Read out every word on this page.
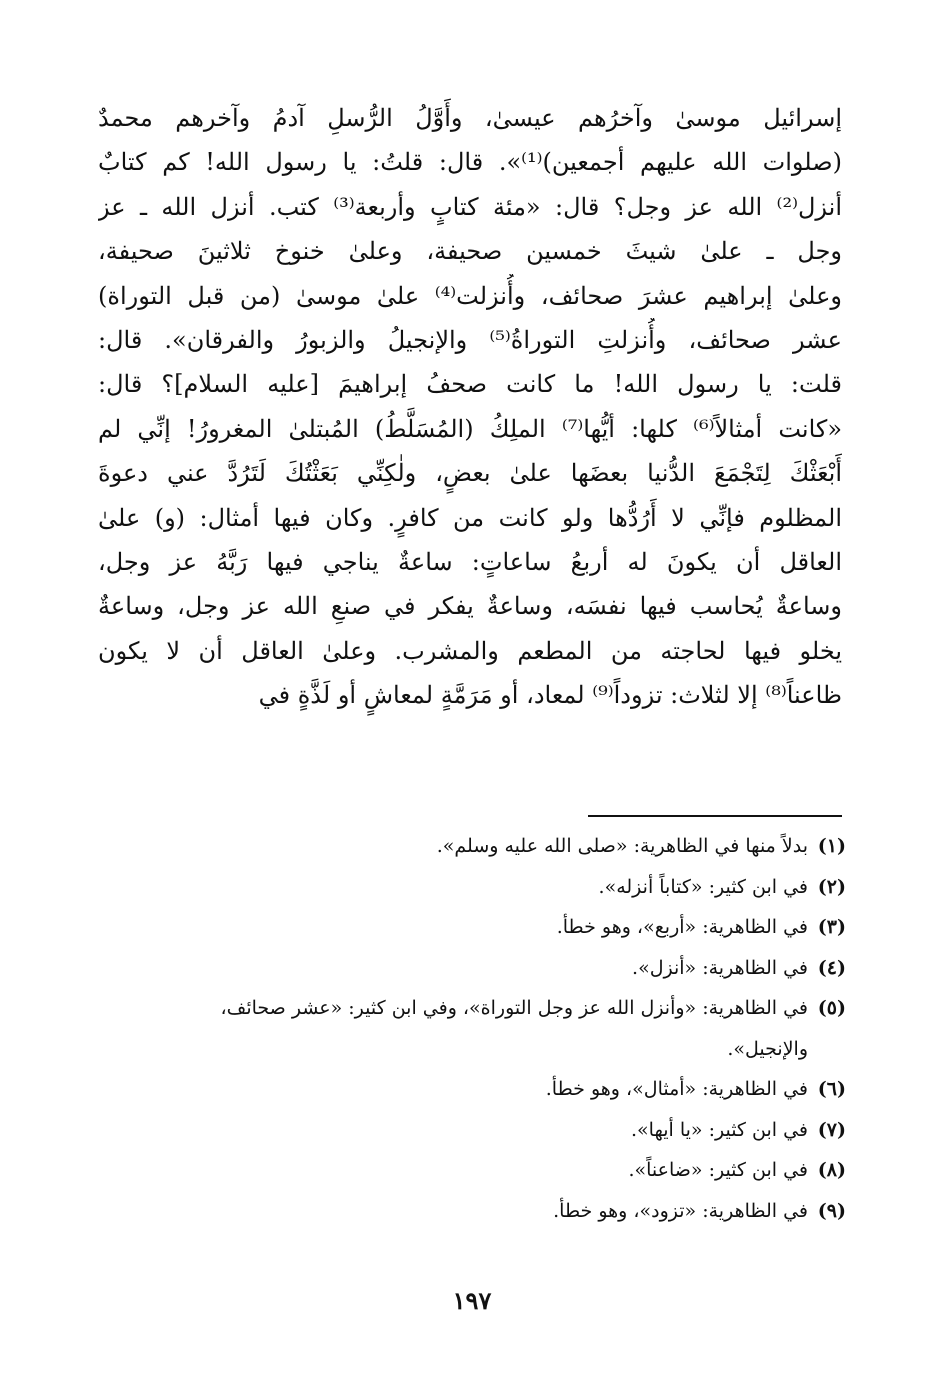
إسرائيل موسىٰ وآخرُهم عيسىٰ، وأَوَّلُ الرُّسلِ آدمُ وآخرهم محمدٌ
(صلوات الله عليهم أجمعين)⁽¹⁾». قال: قلتُ: يا رسول الله! كم كتابٌ
أنزل⁽²⁾ الله عز وجل؟ قال: «مئة كتابٍ وأربعة⁽³⁾ كتب. أنزل الله ـ عز
وجل ـ علىٰ شيثَ خمسين صحيفة، وعلىٰ خنوخ ثلاثينَ صحيفة،
وعلىٰ إبراهيم عشرَ صحائف، وأُنزلت⁽⁴⁾ علىٰ موسىٰ (من قبل التوراة)
عشر صحائف، وأُنزلتِ التوراةُ⁽⁵⁾ والإنجيلُ والزبورُ والفرقان». قال:
قلت: يا رسول الله! ما كانت صحفُ إبراهيمَ [عليه السلام]؟ قال:
«كانت أمثالاً⁽⁶⁾ كلها: أيُّها⁽⁷⁾ الملِكُ (المُسَلَّطُ) المُبتلىٰ المغرورُ! إنِّي لم
أَبْعَثْكَ لِتَجْمَعَ الدُّنيا بعضَها علىٰ بعضٍ، ولٰكِنِّي بَعَثْتُكَ لَتَرُدَّ عني دعوةَ
المظلوم فإنِّي لا أَرُدُّها ولو كانت من كافرٍ. وكان فيها أمثال: (و) علىٰ
العاقل أن يكونَ له أربعُ ساعاتٍ: ساعةٌ يناجي فيها رَبَّهُ عز وجل،
وساعةٌ يُحاسب فيها نفسَه، وساعةٌ يفكر في صنعِ الله عز وجل، وساعةٌ
يخلو فيها لحاجته من المطعم والمشرب. وعلىٰ العاقل أن لا يكون
ظاعناً⁽⁸⁾ إلا لثلاث: تزوداً⁽⁹⁾ لمعاد، أو مَرَمَّةٍ لمعاشٍ أو لَذَّةٍ في
(١)
بدلاً منها في الظاهرية: «صلى الله عليه وسلم».
(٢)
في ابن كثير: «كتاباً أنزله».
(٣)
في الظاهرية: «أربع»، وهو خطأ.
(٤)
في الظاهرية: «أنزل».
(٥)
في الظاهرية: «وأنزل الله عز وجل التوراة»، وفي ابن كثير: «عشر صحائف،
والإنجيل».
(٦)
في الظاهرية: «أمثال»، وهو خطأ.
(٧)
في ابن كثير: «يا أيها».
(٨)
في ابن كثير: «ضاعناً».
(٩)
في الظاهرية: «تزود»، وهو خطأ.
١٩٧
